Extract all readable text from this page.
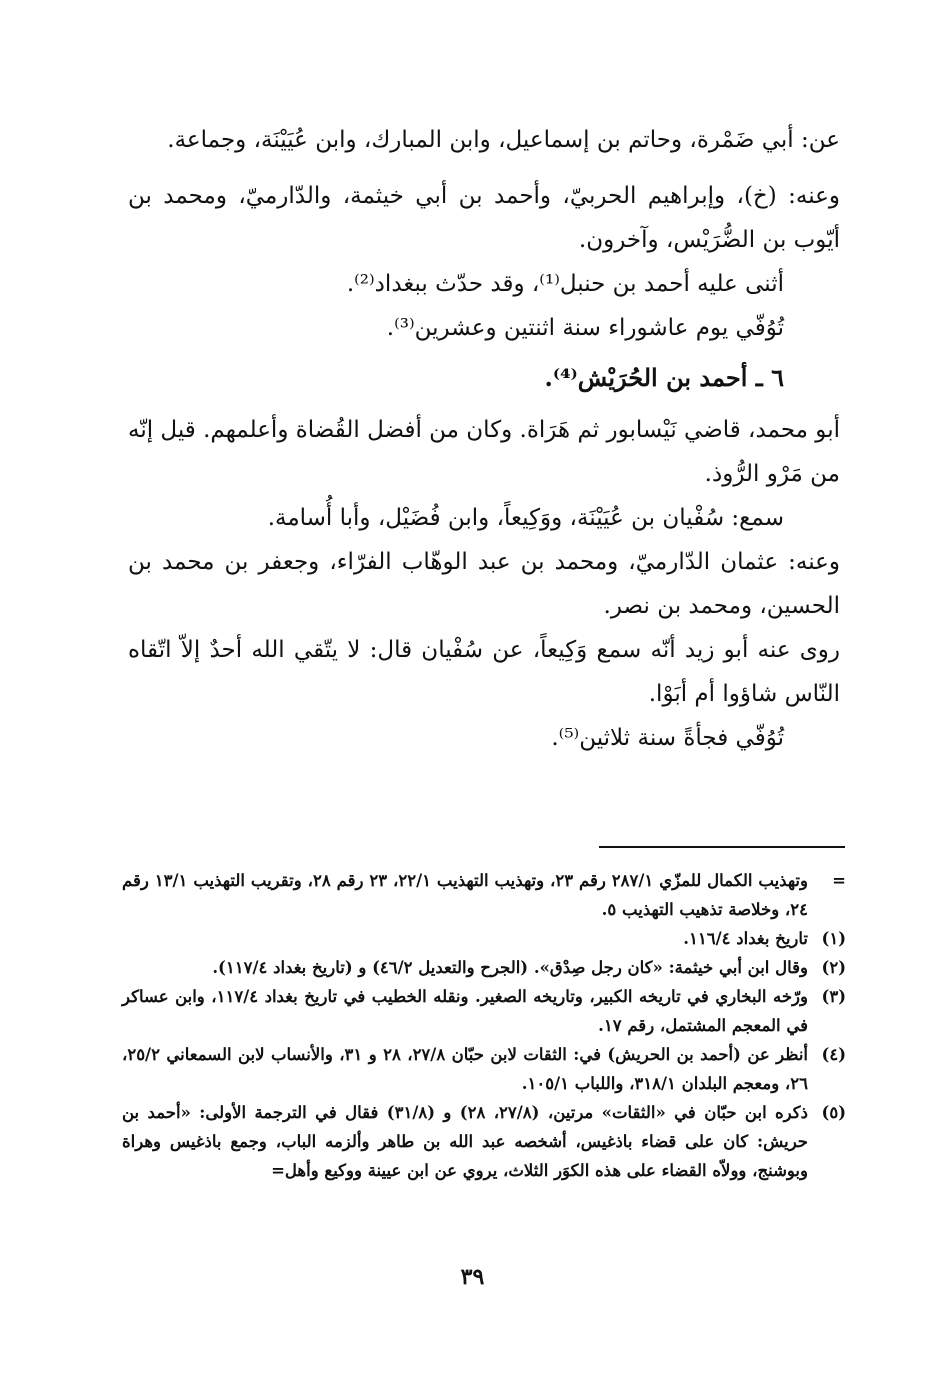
عن: أبي ضَمْرة، وحاتم بن إسماعيل، وابن المبارك، وابن عُيَيْنَة، وجماعة.

وعنه: (خ)، وإبراهيم الحربيّ، وأحمد بن أبي خيثمة، والدّارميّ، ومحمد بن أيّوب بن الضُّرَيْس، وآخرون.

أثنى عليه أحمد بن حنبل⁽¹⁾، وقد حدّث ببغداد⁽²⁾.

تُوُفّي يوم عاشوراء سنة اثنتين وعشرين⁽³⁾.

٦ ـ أحمد بن الحُرَيْش⁽⁴⁾.

أبو محمد، قاضي نَيْسابور ثم هَرَاة. وكان من أفضل القُضاة وأعلمهم. قيل إنّه من مَرْو الرُّوذ.

سمع: سُفْيان بن عُيَيْنَة، ووَكِيعاً، وابن فُضَيْل، وأبا أُسامة.

وعنه: عثمان الدّارميّ، ومحمد بن عبد الوهّاب الفرّاء، وجعفر بن محمد بن الحسين، ومحمد بن نصر.

روى عنه أبو زيد أنّه سمع وَكِيعاً، عن سُفْيان قال: لا يتّقي الله أحدٌ إلاّ اتّقاه النّاس شاؤوا أم أبَوْا.

تُوُفّي فجأةً سنة ثلاثين⁽⁵⁾.

=
وتهذيب الكمال للمزّي ٢٨٧/١ رقم ٢٣، وتهذيب التهذيب ٢٢/١، ٢٣ رقم ٢٨، وتقريب التهذيب ١٣/١ رقم ٢٤، وخلاصة تذهيب التهذيب ٥.
(١)
تاريخ بغداد ١١٦/٤.
(٢)
وقال ابن أبي خيثمة: «كان رجل صِدْق». (الجرح والتعديل ٤٦/٢) و (تاريخ بغداد ١١٧/٤).
(٣)
ورّخه البخاري في تاريخه الكبير، وتاريخه الصغير. ونقله الخطيب في تاريخ بغداد ١١٧/٤، وابن عساكر في المعجم المشتمل، رقم ١٧.
(٤)
أنظر عن (أحمد بن الحريش) في: الثقات لابن حبّان ٢٧/٨، ٢٨ و ٣١، والأنساب لابن السمعاني ٢٥/٢، ٢٦، ومعجم البلدان ٣١٨/١، واللباب ١٠٥/١.
(٥)
ذكره ابن حبّان في «الثقات» مرتين، (٢٧/٨، ٢٨) و (٣١/٨) فقال في الترجمة الأولى: «أحمد بن حريش: كان على قضاء باذغيس، أشخصه عبد الله بن طاهر وألزمه الباب، وجمع باذغيس وهراة وبوشنج، وولاّه القضاء على هذه الكوَر الثلاث، يروي عن ابن عيينة ووكيع وأهل=
٣٩
